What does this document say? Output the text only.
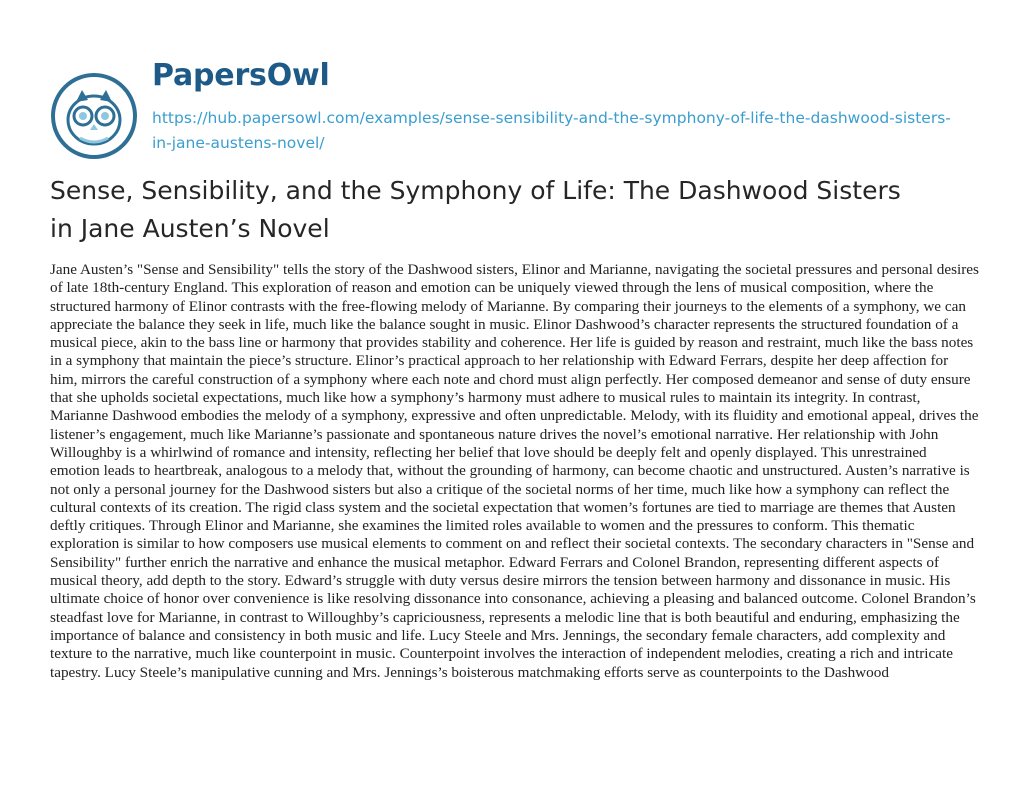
PapersOwl
https://hub.papersowl.com/examples/sense-sensibility-and-the-symphony-of-life-the-dashwood-sisters-in-jane-austens-novel/
Sense, Sensibility, and the Symphony of Life: The Dashwood Sisters in Jane Austen’s Novel

Jane Austen’s "Sense and Sensibility" tells the story of the Dashwood sisters, Elinor and Marianne, navigating the societal pressures and personal desires of late 18th-century England. This exploration of reason and emotion can be uniquely viewed through the lens of musical composition, where the structured harmony of Elinor contrasts with the free-flowing melody of Marianne. By comparing their journeys to the elements of a symphony, we can appreciate the balance they seek in life, much like the balance sought in music. Elinor Dashwood’s character represents the structured foundation of a musical piece, akin to the bass line or harmony that provides stability and coherence. Her life is guided by reason and restraint, much like the bass notes in a symphony that maintain the piece’s structure. Elinor’s practical approach to her relationship with Edward Ferrars, despite her deep affection for him, mirrors the careful construction of a symphony where each note and chord must align perfectly. Her composed demeanor and sense of duty ensure that she upholds societal expectations, much like how a symphony’s harmony must adhere to musical rules to maintain its integrity. In contrast, Marianne Dashwood embodies the melody of a symphony, expressive and often unpredictable. Melody, with its fluidity and emotional appeal, drives the listener’s engagement, much like Marianne’s passionate and spontaneous nature drives the novel’s emotional narrative. Her relationship with John Willoughby is a whirlwind of romance and intensity, reflecting her belief that love should be deeply felt and openly displayed. This unrestrained emotion leads to heartbreak, analogous to a melody that, without the grounding of harmony, can become chaotic and unstructured. Austen’s narrative is not only a personal journey for the Dashwood sisters but also a critique of the societal norms of her time, much like how a symphony can reflect the cultural contexts of its creation. The rigid class system and the societal expectation that women’s fortunes are tied to marriage are themes that Austen deftly critiques. Through Elinor and Marianne, she examines the limited roles available to women and the pressures to conform. This thematic exploration is similar to how composers use musical elements to comment on and reflect their societal contexts. The secondary characters in "Sense and Sensibility" further enrich the narrative and enhance the musical metaphor. Edward Ferrars and Colonel Brandon, representing different aspects of musical theory, add depth to the story. Edward’s struggle with duty versus desire mirrors the tension between harmony and dissonance in music. His ultimate choice of honor over convenience is like resolving dissonance into consonance, achieving a pleasing and balanced outcome. Colonel Brandon’s steadfast love for Marianne, in contrast to Willoughby’s capriciousness, represents a melodic line that is both beautiful and enduring, emphasizing the importance of balance and consistency in both music and life. Lucy Steele and Mrs. Jennings, the secondary female characters, add complexity and texture to the narrative, much like counterpoint in music. Counterpoint involves the interaction of independent melodies, creating a rich and intricate tapestry. Lucy Steele’s manipulative cunning and Mrs. Jennings’s boisterous matchmaking efforts serve as counterpoints to the Dashwood
